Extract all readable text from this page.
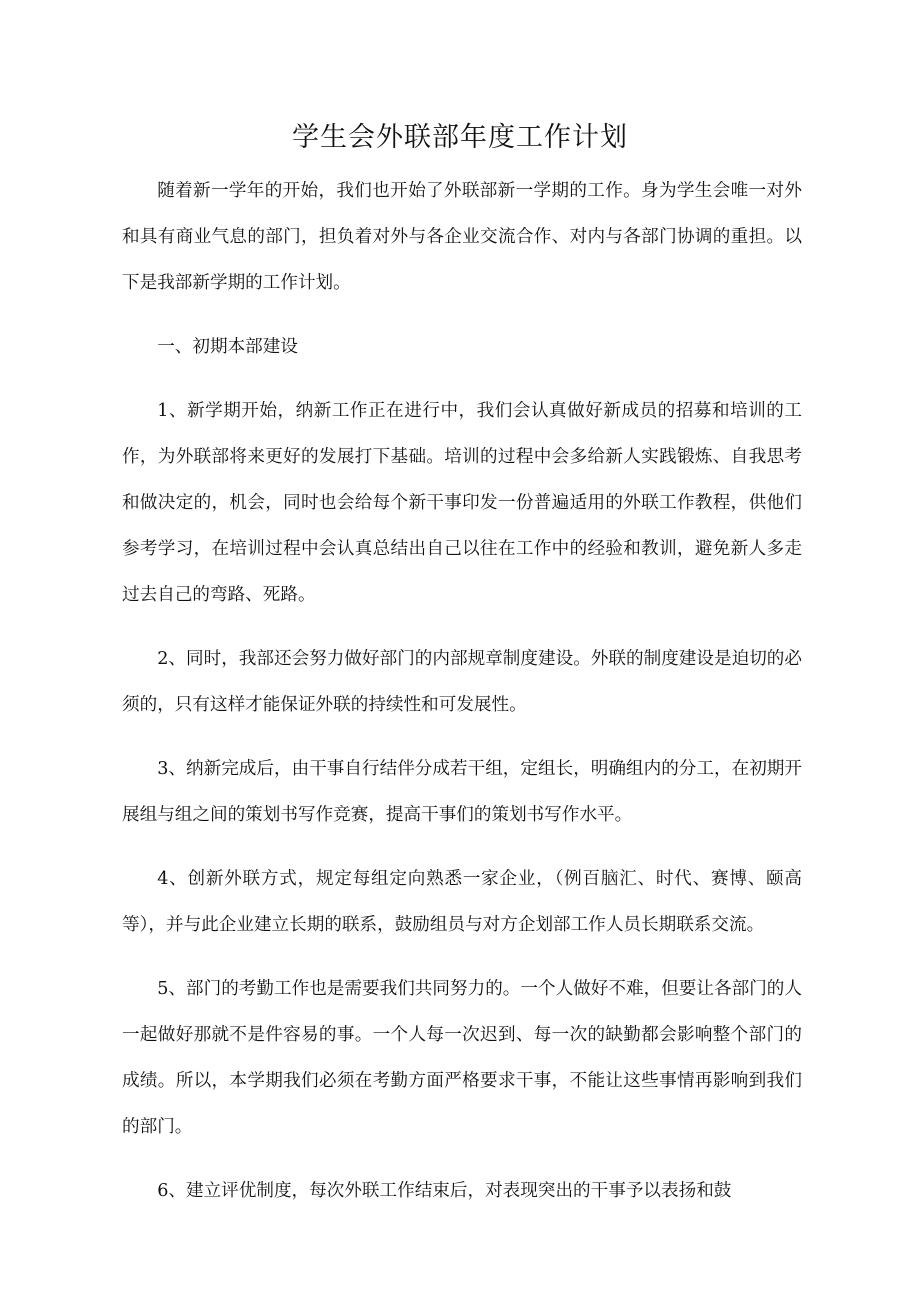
学生会外联部年度工作计划

随着新一学年的开始，我们也开始了外联部新一学期的工作。身为学生会唯一对外和具有商业气息的部门，担负着对外与各企业交流合作、对内与各部门协调的重担。以下是我部新学期的工作计划。

一、初期本部建设

1、新学期开始，纳新工作正在进行中，我们会认真做好新成员的招募和培训的工作，为外联部将来更好的发展打下基础。培训的过程中会多给新人实践锻炼、自我思考和做决定的，机会，同时也会给每个新干事印发一份普遍适用的外联工作教程，供他们参考学习，在培训过程中会认真总结出自己以往在工作中的经验和教训，避免新人多走过去自己的弯路、死路。

2、同时，我部还会努力做好部门的内部规章制度建设。外联的制度建设是迫切的必须的，只有这样才能保证外联的持续性和可发展性。

3、纳新完成后，由干事自行结伴分成若干组，定组长，明确组内的分工，在初期开展组与组之间的策划书写作竞赛，提高干事们的策划书写作水平。

4、创新外联方式，规定每组定向熟悉一家企业，（例百脑汇、时代、赛博、颐高等），并与此企业建立长期的联系，鼓励组员与对方企划部工作人员长期联系交流。

5、部门的考勤工作也是需要我们共同努力的。一个人做好不难，但要让各部门的人一起做好那就不是件容易的事。一个人每一次迟到、每一次的缺勤都会影响整个部门的成绩。所以，本学期我们必须在考勤方面严格要求干事，不能让这些事情再影响到我们的部门。

6、建立评优制度，每次外联工作结束后，对表现突出的干事予以表扬和鼓
